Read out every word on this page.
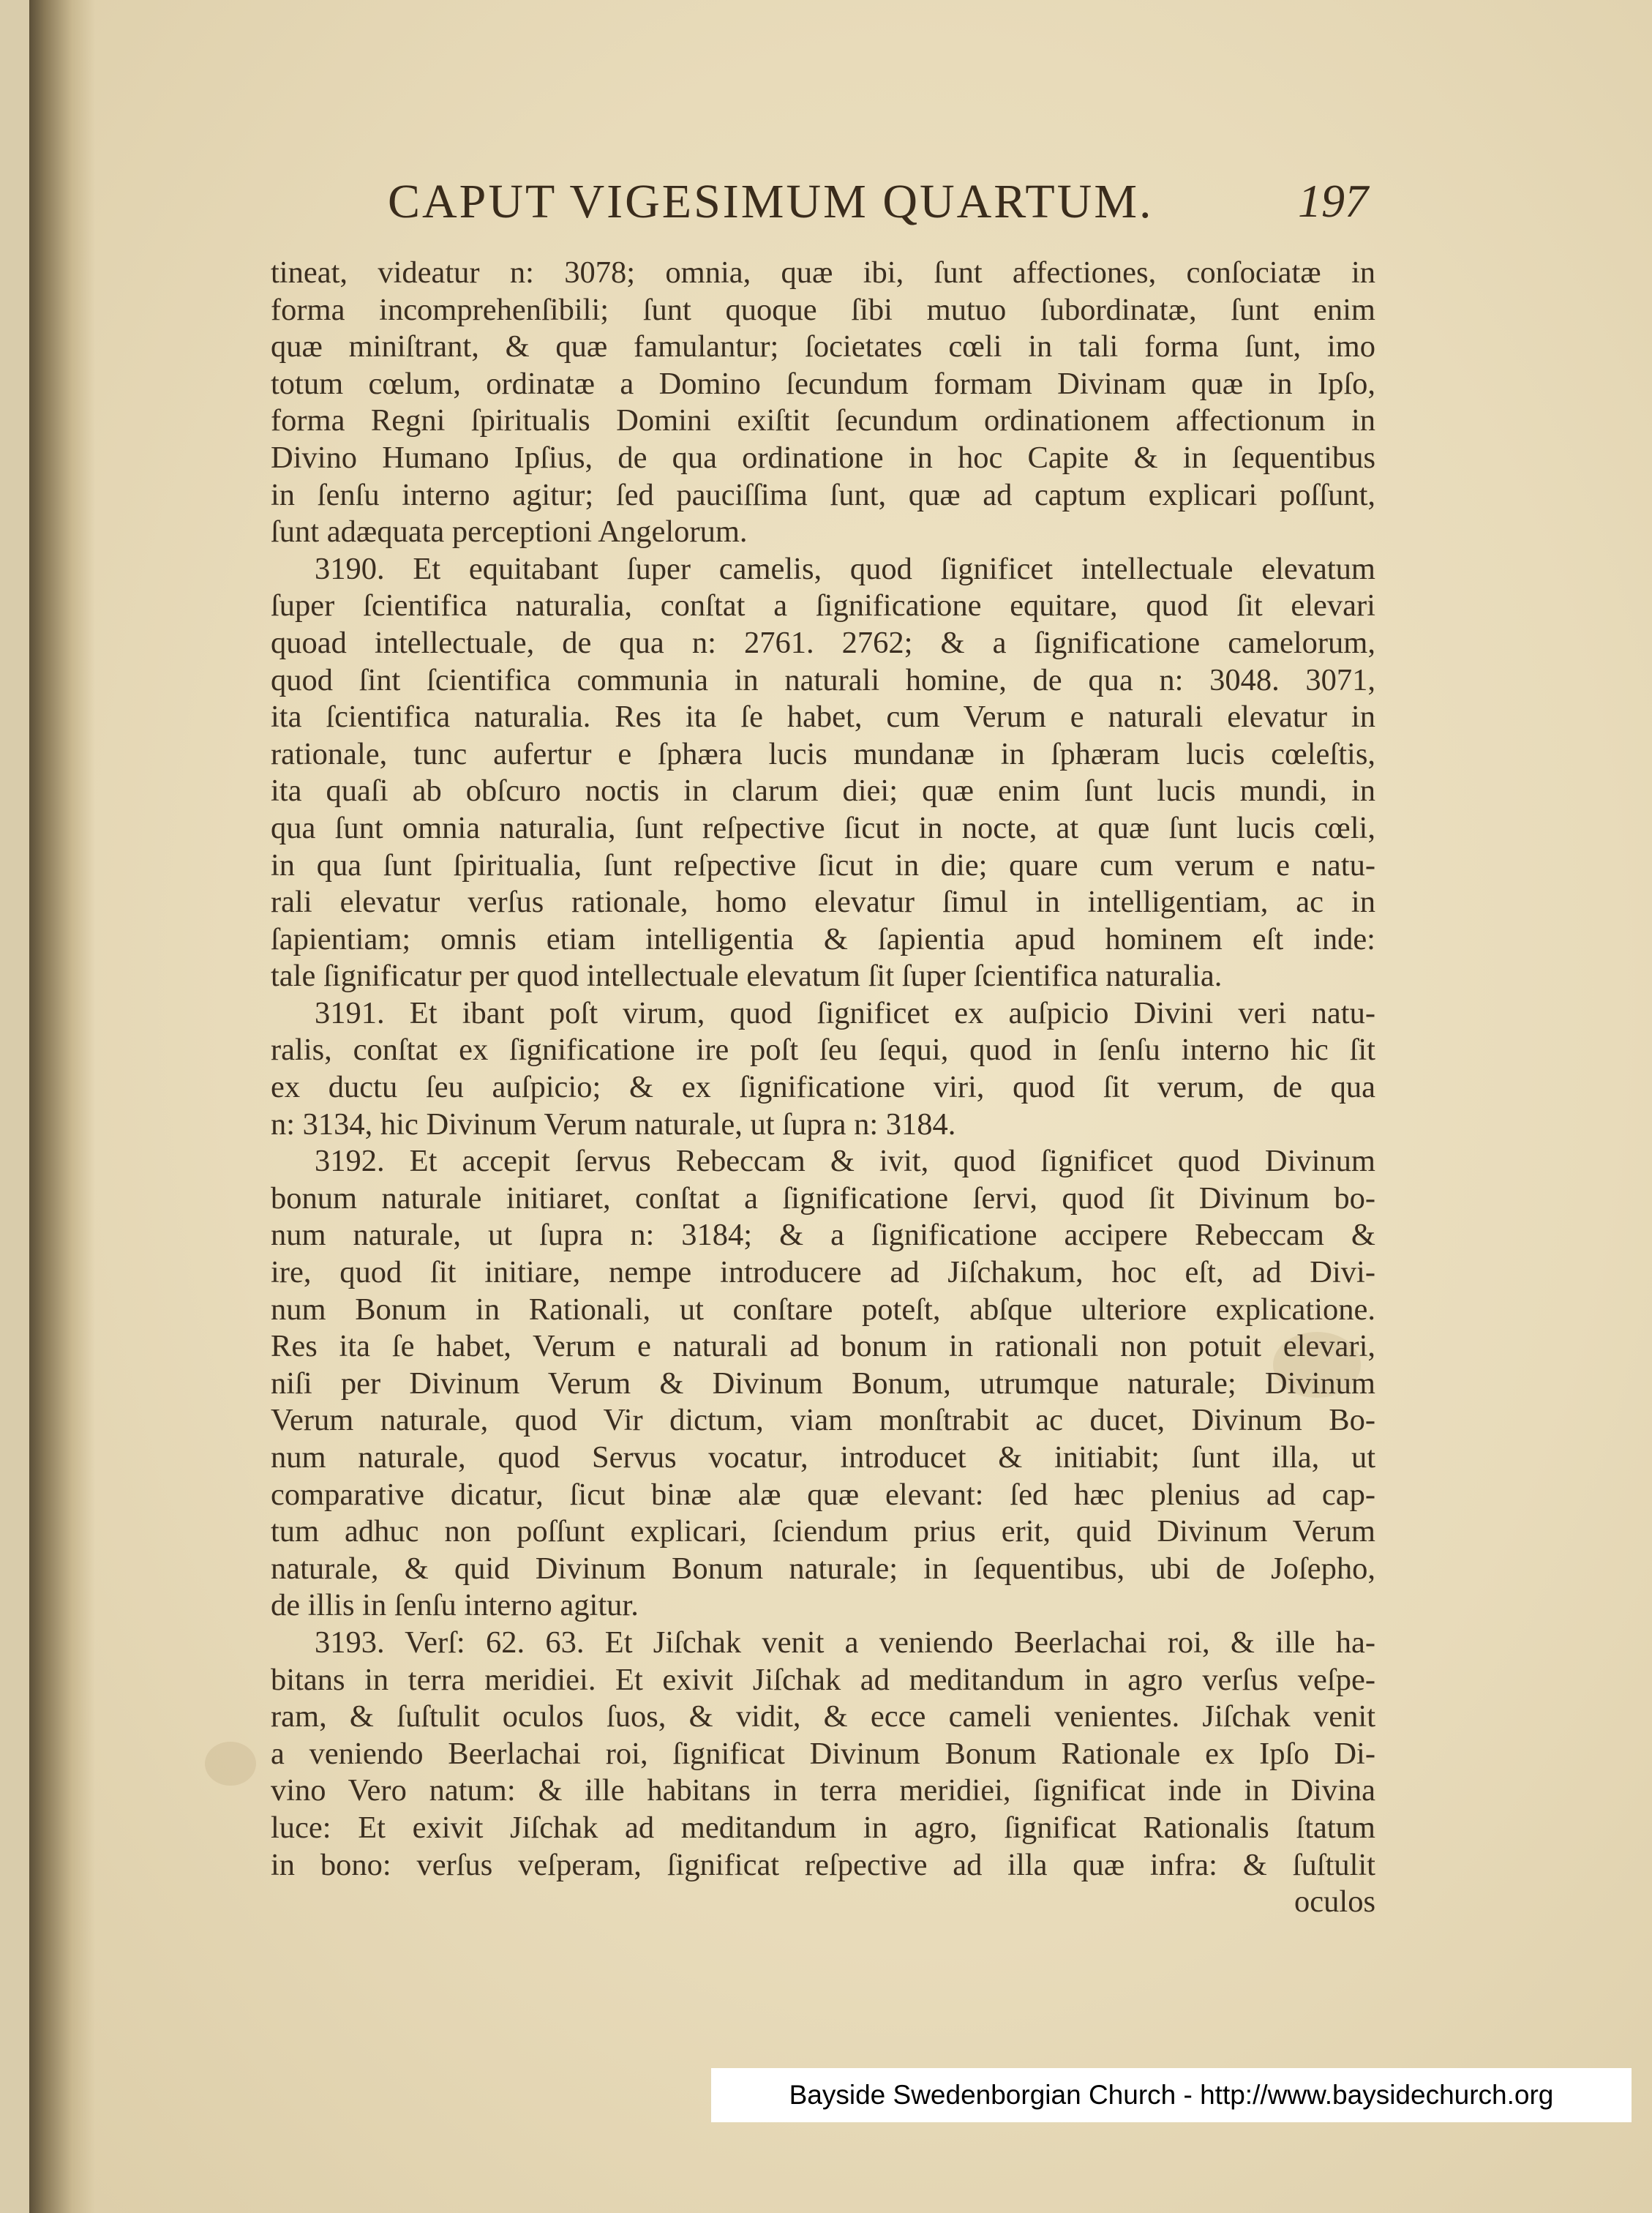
CAPUT VIGESIMUM QUARTUM.	197
tineat, videatur n: 3078; omnia, quæ ibi, ſunt affectiones, conſociatæ in
forma incomprehenſibili; ſunt quoque ſibi mutuo ſubordinatæ, ſunt enim
quæ miniſtrant, & quæ famulantur; ſocietates cœli in tali forma ſunt, imo
totum cœlum, ordinatæ a Domino ſecundum formam Divinam quæ in Ipſo,
forma Regni ſpiritualis Domini exiſtit ſecundum ordinationem affectionum in
Divino Humano Ipſius, de qua ordinatione in hoc Capite & in ſequentibus
in ſenſu interno agitur; ſed pauciſſima ſunt, quæ ad captum explicari poſſunt,
ſunt adæquata perceptioni Angelorum.
3190. Et equitabant ſuper camelis, quod ſignificet intellectuale elevatum
ſuper ſcientifica naturalia, conſtat a ſignificatione equitare, quod ſit elevari
quoad intellectuale, de qua n: 2761. 2762; & a ſignificatione camelorum,
quod ſint ſcientifica communia in naturali homine, de qua n: 3048. 3071,
ita ſcientifica naturalia. Res ita ſe habet, cum Verum e naturali elevatur in
rationale, tunc aufertur e ſphæra lucis mundanæ in ſphæram lucis cœleſtis,
ita quaſi ab obſcuro noctis in clarum diei; quæ enim ſunt lucis mundi, in
qua ſunt omnia naturalia, ſunt reſpective ſicut in nocte, at quæ ſunt lucis cœli,
in qua ſunt ſpiritualia, ſunt reſpective ſicut in die; quare cum verum e natu-
rali elevatur verſus rationale, homo elevatur ſimul in intelligentiam, ac in
ſapientiam; omnis etiam intelligentia & ſapientia apud hominem eſt inde:
tale ſignificatur per quod intellectuale elevatum ſit ſuper ſcientifica naturalia.
3191. Et ibant poſt virum, quod ſignificet ex auſpicio Divini veri natu-
ralis, conſtat ex ſignificatione ire poſt ſeu ſequi, quod in ſenſu interno hic ſit
ex ductu ſeu auſpicio; & ex ſignificatione viri, quod ſit verum, de qua
n: 3134, hic Divinum Verum naturale, ut ſupra n: 3184.
3192. Et accepit ſervus Rebeccam & ivit, quod ſignificet quod Divinum
bonum naturale initiaret, conſtat a ſignificatione ſervi, quod ſit Divinum bo-
num naturale, ut ſupra n: 3184; & a ſignificatione accipere Rebeccam &
ire, quod ſit initiare, nempe introducere ad Jiſchakum, hoc eſt, ad Divi-
num Bonum in Rationali, ut conſtare poteſt, abſque ulteriore explicatione.
Res ita ſe habet, Verum e naturali ad bonum in rationali non potuit elevari,
niſi per Divinum Verum & Divinum Bonum, utrumque naturale; Divinum
Verum naturale, quod Vir dictum, viam monſtrabit ac ducet, Divinum Bo-
num naturale, quod Servus vocatur, introducet & initiabit; ſunt illa, ut
comparative dicatur, ſicut binæ alæ quæ elevant: ſed hæc plenius ad cap-
tum adhuc non poſſunt explicari, ſciendum prius erit, quid Divinum Verum
naturale, & quid Divinum Bonum naturale; in ſequentibus, ubi de Joſepho,
de illis in ſenſu interno agitur.
3193. Verſ: 62. 63. Et Jiſchak venit a veniendo Beerlachai roi, & ille ha-
bitans in terra meridiei. Et exivit Jiſchak ad meditandum in agro verſus veſpe-
ram, & ſuſtulit oculos ſuos, & vidit, & ecce cameli venientes. Jiſchak venit
a veniendo Beerlachai roi, ſignificat Divinum Bonum Rationale ex Ipſo Di-
vino Vero natum: & ille habitans in terra meridiei, ſignificat inde in Divina
luce: Et exivit Jiſchak ad meditandum in agro, ſignificat Rationalis ſtatum
in bono: verſus veſperam, ſignificat reſpective ad illa quæ infra: & ſuſtulit
oculos
Bayside Swedenborgian Church - http://www.baysidechurch.org
